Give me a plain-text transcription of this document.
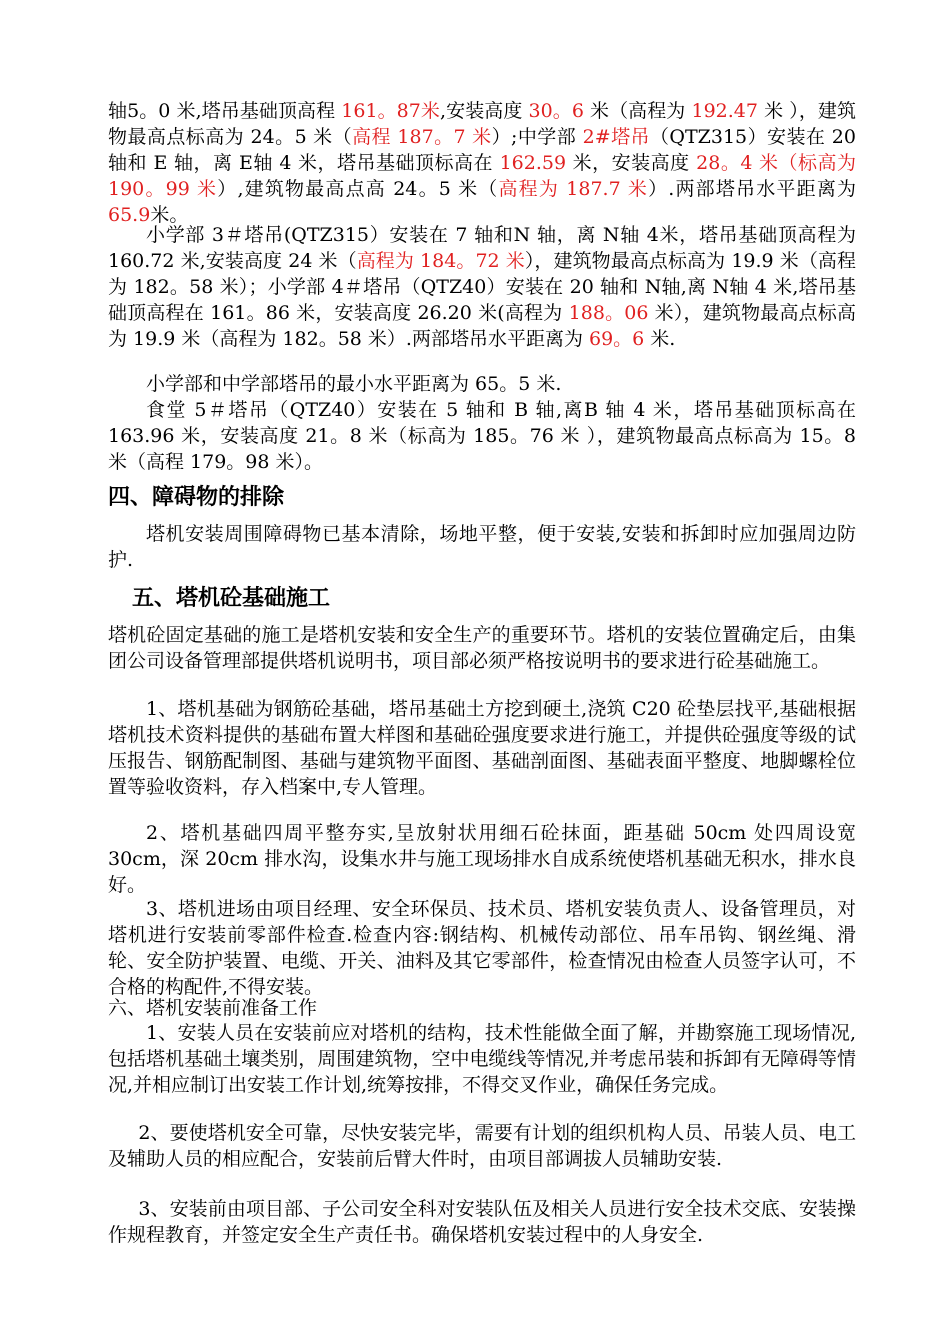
轴5。0 米,塔吊基础顶高程 161。87米,安装高度 30。6 米（高程为 192.47 米 ），建筑物最高点标高为 24。5 米（高程 187。7 米）;中学部 2#塔吊（QTZ315）安装在 20 轴和 E 轴，离 E轴 4 米，塔吊基础顶标高在 162.59 米，安装高度 28。4 米（标高为 190。99 米）,建筑物最高点高 24。5 米（高程为 187.7 米）.两部塔吊水平距离为65.9米。

小学部 3＃塔吊(QTZ315）安装在 7 轴和N 轴，离 N轴 4米，塔吊基础顶高程为 160.72 米,安装高度 24 米（高程为 184。72 米），建筑物最高点标高为 19.9 米（高程为 182。58 米）；小学部 4＃塔吊（QTZ40）安装在 20 轴和 N轴,离 N轴 4 米,塔吊基础顶高程在 161。86 米，安装高度 26.20 米(高程为 188。06 米），建筑物最高点标高为 19.9 米（高程为 182。58 米）.两部塔吊水平距离为 69。6 米.

小学部和中学部塔吊的最小水平距离为 65。5 米.

食堂 5＃塔吊（QTZ40）安装在 5 轴和 B 轴,离B 轴 4 米，塔吊基础顶标高在 163.96 米，安装高度 21。8 米（标高为 185。76 米 ），建筑物最高点标高为 15。8 米（高程 179。98 米）。

四、障碍物的排除

塔机安装周围障碍物已基本清除，场地平整，便于安装,安装和拆卸时应加强周边防护.

五、塔机砼基础施工

塔机砼固定基础的施工是塔机安装和安全生产的重要环节。塔机的安装位置确定后，由集团公司设备管理部提供塔机说明书，项目部必须严格按说明书的要求进行砼基础施工。

1、塔机基础为钢筋砼基础，塔吊基础土方挖到硬土,浇筑 C20 砼垫层找平,基础根据塔机技术资料提供的基础布置大样图和基础砼强度要求进行施工，并提供砼强度等级的试压报告、钢筋配制图、基础与建筑物平面图、基础剖面图、基础表面平整度、地脚螺栓位置等验收资料，存入档案中,专人管理。

2、塔机基础四周平整夯实,呈放射状用细石砼抹面，距基础 50cm 处四周设宽 30cm，深 20cm 排水沟，设集水井与施工现场排水自成系统使塔机基础无积水，排水良好。

3、塔机进场由项目经理、安全环保员、技术员、塔机安装负责人、设备管理员，对塔机进行安装前零部件检查.检查内容:钢结构、机械传动部位、吊车吊钩、钢丝绳、滑轮、安全防护装置、电缆、开关、油料及其它零部件，检查情况由检查人员签字认可，不合格的构配件,不得安装。

六、塔机安装前准备工作

1、安装人员在安装前应对塔机的结构，技术性能做全面了解，并勘察施工现场情况,包括塔机基础土壤类别，周围建筑物，空中电缆线等情况,并考虑吊装和拆卸有无障碍等情况,并相应制订出安装工作计划,统筹按排，不得交叉作业，确保任务完成。

2、要使塔机安全可靠，尽快安装完毕，需要有计划的组织机构人员、吊装人员、电工及辅助人员的相应配合，安装前后臂大件时，由项目部调拔人员辅助安装.

3、安装前由项目部、子公司安全科对安装队伍及相关人员进行安全技术交底、安装操作规程教育，并签定安全生产责任书。确保塔机安装过程中的人身安全.
